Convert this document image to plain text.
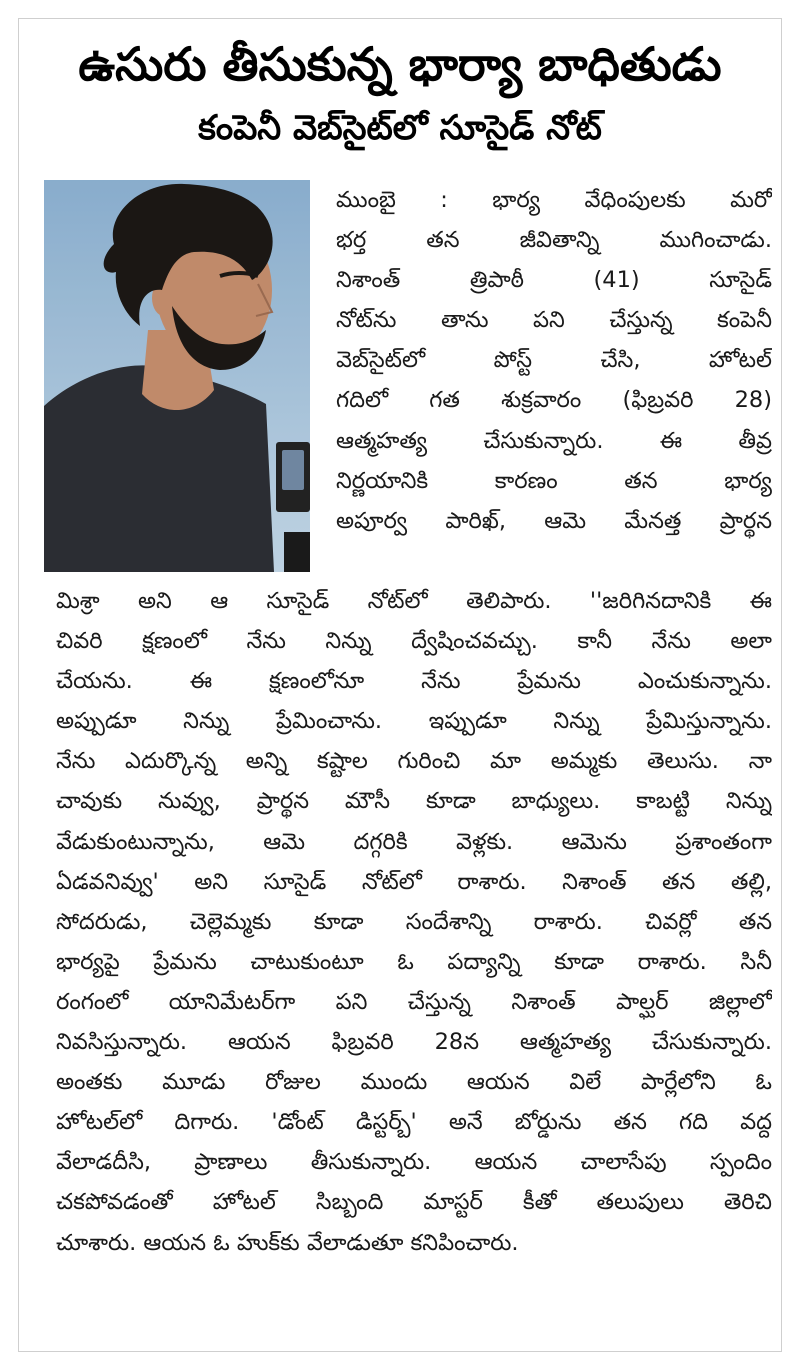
ఉసురు తీసుకున్న భార్యా బాధితుడు
కంపెనీ వెబ్‌సైట్‌లో సూసైడ్ నోట్
ముంబై : భార్య వేధింపులకు మరో
భర్త తన జీవితాన్ని ముగించాడు.
నిశాంత్ త్రిపాఠీ (41) సూసైడ్
నోట్‌ను తాను పని చేస్తున్న కంపెనీ
వెబ్‌సైట్‌లో పోస్ట్ చేసి, హోటల్
గదిలో గత శుక్రవారం (ఫిబ్రవరి 28)
ఆత్మహత్య చేసుకున్నారు. ఈ తీవ్ర
నిర్ణయానికి కారణం తన భార్య
అపూర్వ పారిఖ్, ఆమె మేనత్త ప్రార్థన
మిశ్రా అని ఆ సూసైడ్ నోట్‌లో తెలిపారు. ''జరిగినదానికి ఈ
చివరి క్షణంలో నేను నిన్ను ద్వేషించవచ్చు. కానీ నేను అలా
చేయను. ఈ క్షణంలోనూ నేను ప్రేమను ఎంచుకున్నాను.
అప్పుడూ నిన్ను ప్రేమించాను. ఇప్పుడూ నిన్ను ప్రేమిస్తున్నాను.
నేను ఎదుర్కొన్న అన్ని కష్టాల గురించి మా అమ్మకు తెలుసు. నా
చావుకు నువ్వు, ప్రార్థన మౌసీ కూడా బాధ్యులు. కాబట్టి నిన్ను
వేడుకుంటున్నాను, ఆమె దగ్గరికి వెళ్లకు. ఆమెను ప్రశాంతంగా
ఏడవనివ్వు' అని సూసైడ్ నోట్‌లో రాశారు. నిశాంత్ తన తల్లి,
సోదరుడు, చెల్లెమ్మకు కూడా సందేశాన్ని రాశారు. చివర్లో తన
భార్యపై ప్రేమను చాటుకుంటూ ఓ పద్యాన్ని కూడా రాశారు. సినీ
రంగంలో యానిమేటర్‌గా పని చేస్తున్న నిశాంత్ పాల్ఘర్ జిల్లాలో
నివసిస్తున్నారు. ఆయన ఫిబ్రవరి 28న ఆత్మహత్య చేసుకున్నారు.
అంతకు మూడు రోజుల ముందు ఆయన విలే పార్లేలోని ఓ
హోటల్‌లో దిగారు. 'డోంట్ డిస్టర్బ్' అనే బోర్డును తన గది వద్ద
వేలాడదీసి, ప్రాణాలు తీసుకున్నారు. ఆయన చాలాసేపు స్పందిం
చకపోవడంతో హోటల్ సిబ్బంది మాస్టర్ కీతో తలుపులు తెరిచి
చూశారు. ఆయన ఓ హుక్‌కు వేలాడుతూ కనిపించారు.
